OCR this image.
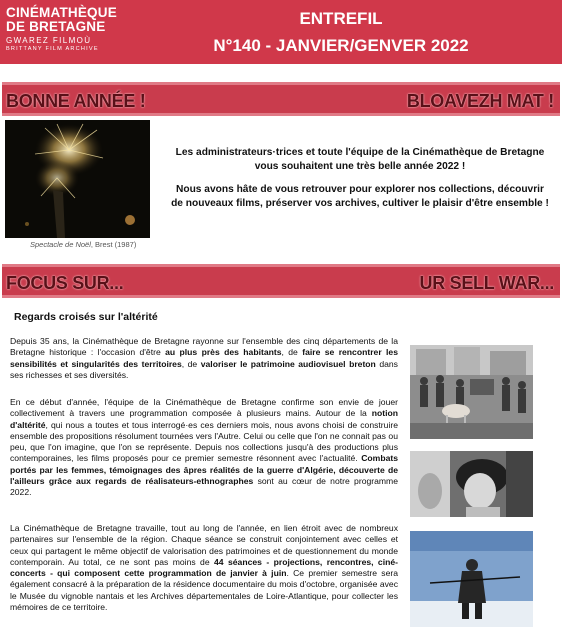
CINÉMATHÈQUE
DE BRETAGNE
GWAREZ FILMOÙ
BRITTANY FILM ARCHIVE
ENTREFIL
N°140 - JANVIER/GENVER 2022
BONNE ANNÉE !	BLOAVEZH MAT !
Spectacle de Noël, Brest (1987)
Les administrateurs·trices et toute l'équipe de la Cinémathèque de Bretagne vous souhaitent une très belle année 2022 !
Nous avons hâte de vous retrouver pour explorer nos collections, découvrir de nouveaux films, préserver vos archives, cultiver le plaisir d'être ensemble !
FOCUS SUR...	UR SELL WAR...
Regards croisés sur l'altérité
Depuis 35 ans, la Cinémathèque de Bretagne rayonne sur l'ensemble des cinq départements de la Bretagne historique : l'occasion d'être au plus près des habitants, de faire se rencontrer les sensibilités et singularités des territoires, de valoriser le patrimoine audiovisuel breton dans ses richesses et ses diversités.
En ce début d'année, l'équipe de la Cinémathèque de Bretagne confirme son envie de jouer collectivement à travers une programmation composée à plusieurs mains. Autour de la notion d'altérité, qui nous a toutes et tous interrogé·es ces derniers mois, nous avons choisi de construire ensemble des propositions résolument tournées vers l'Autre. Celui ou celle que l'on ne connait pas ou peu, que l'on imagine, que l'on se représente. Depuis nos collections jusqu'à des productions plus contemporaines, les films proposés pour ce premier semestre résonnent avec l'actualité. Combats portés par les femmes, témoignages des âpres réalités de la guerre d'Algérie, découverte de l'ailleurs grâce aux regards de réalisateurs-ethnographes sont au cœur de notre programme 2022.
La Cinémathèque de Bretagne travaille, tout au long de l'année, en lien étroit avec de nombreux partenaires sur l'ensemble de la région. Chaque séance se construit conjointement avec celles et ceux qui partagent le même objectif de valorisation des patrimoines et de questionnement du monde contemporain. Au total, ce ne sont pas moins de 44 séances - projections, rencontres, ciné-concerts - qui composent cette programmation de janvier à juin. Ce premier semestre sera également consacré à la préparation de la résidence documentaire du mois d'octobre, organisée avec le Musée du vignoble nantais et les Archives départementales de Loire-Atlantique, pour collecter les mémoires de ce territoire.
